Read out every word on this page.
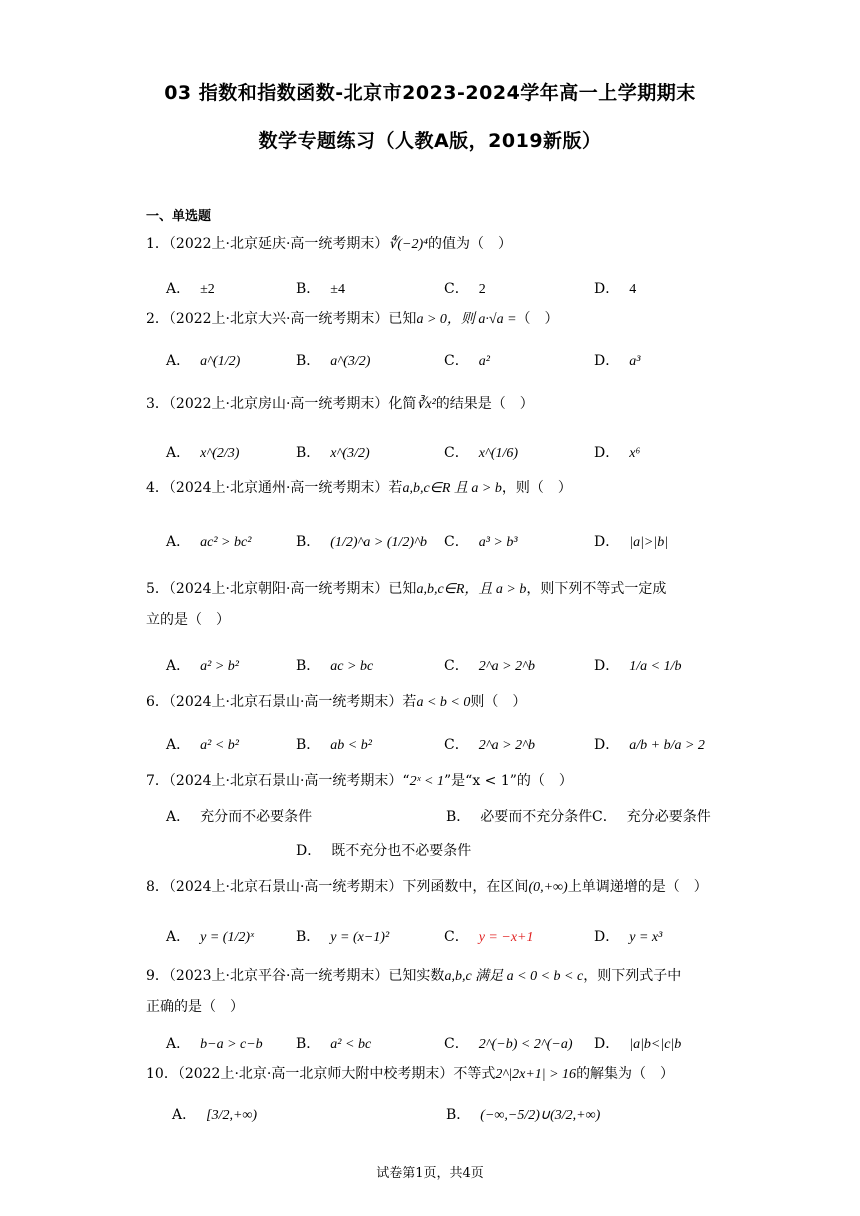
03 指数和指数函数-北京市2023-2024学年高一上学期期末
数学专题练习（人教A版，2019新版）
一、单选题
1．（2022上·北京延庆·高一统考期末）∜(−2)⁴的值为（　）
A． ±2	B． ±4	C． 2	D． 4
2．（2022上·北京大兴·高一统考期末）已知a > 0，则 a·√a =（　）
A． a^(1/2)	B． a^(3/2)	C． a²	D． a³
3．（2022上·北京房山·高一统考期末）化简∛x²的结果是（　）
A． x^(2/3)	B． x^(3/2)	C． x^(1/6)	D． x⁶
4．（2024上·北京通州·高一统考期末）若a,b,c∈R 且 a > b，则（　）
A． ac² > bc²	B． (1/2)^a > (1/2)^b C． a³ > b³	D． |a|>|b|
5．（2024上·北京朝阳·高一统考期末）已知a,b,c∈R，且 a > b，则下列不等式一定成
立的是（　）
A． a² > b²	B． ac > bc	C． 2^a > 2^b	D． 1/a < 1/b
6．（2024上·北京石景山·高一统考期末）若a < b < 0则（　）
A． a² < b²	B． ab < b²	C． 2^a > 2^b	D． a/b + b/a > 2
7．（2024上·北京石景山·高一统考期末）“2ˣ < 1”是“x < 1”的（　）
A． 充分而不必要条件	B． 必要而不充分条件 C． 充分必要条件
D． 既不充分也不必要条件
8．（2024上·北京石景山·高一统考期末）下列函数中，在区间(0,+∞)上单调递增的是（　）
A． y = (1/2)ˣ	B． y = (x−1)²	C． y = −x+1	D． y = x³
9．（2023上·北京平谷·高一统考期末）已知实数a,b,c 满足 a < 0 < b < c，则下列式子中
正确的是（　）
A． b−a > c−b B． a² < bc	C． 2^(−b) < 2^(−a) D． |a|b<|c|b
10．（2022上·北京·高一北京师大附中校考期末）不等式2^|2x+1| > 16的解集为（　）
A． [3/2,+∞)	B． (−∞,−5/2)∪(3/2,+∞)
试卷第1页，共4页
